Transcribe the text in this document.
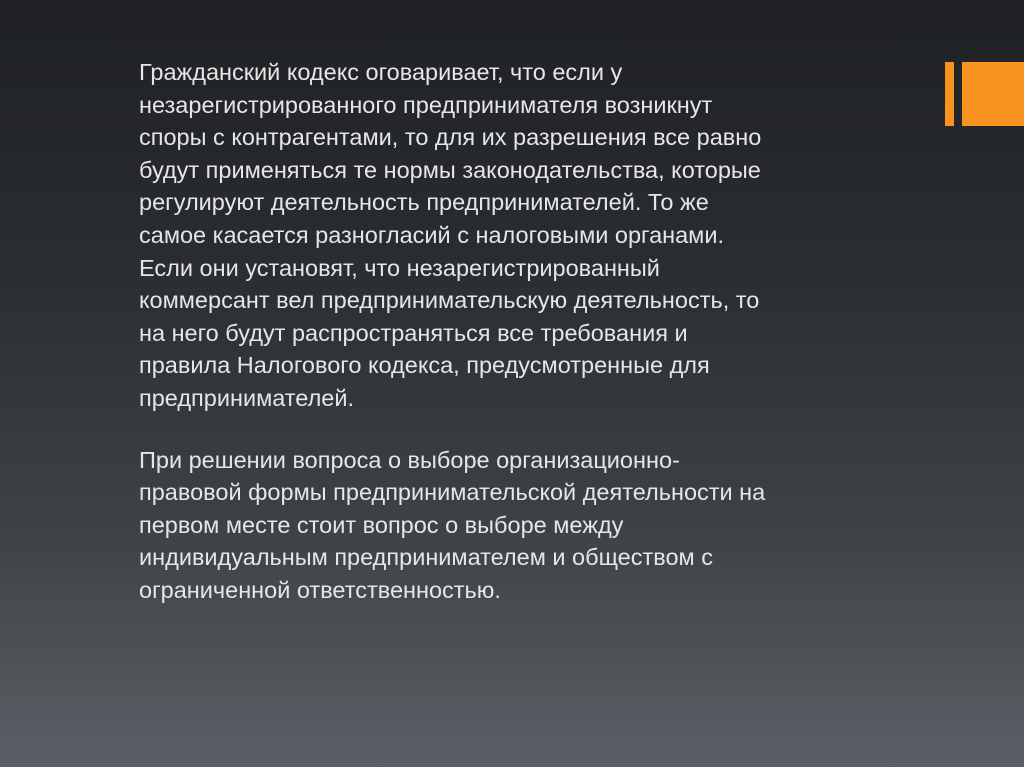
Гражданский кодекс оговаривает, что если у
незарегистрированного предпринимателя возникнут
споры с контрагентами, то для их разрешения все равно
будут применяться те нормы законодательства, которые
регулируют деятельность предпринимателей. То же
самое касается разногласий с налоговыми органами.
Если они установят, что незарегистрированный
коммерсант вел предпринимательскую деятельность, то
на него будут распространяться все требования и
правила Налогового кодекса, предусмотренные для
предпринимателей.

При решении вопроса о выборе организационно-
правовой формы предпринимательской деятельности на
первом месте стоит вопрос о выборе между
индивидуальным предпринимателем и обществом с
ограниченной ответственностью.
